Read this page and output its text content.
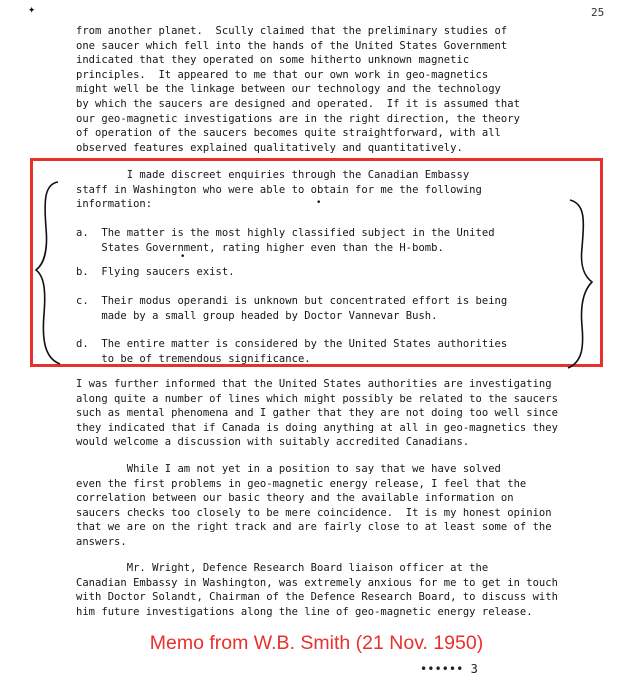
25
✦
•
•
from another planet.  Scully claimed that the preliminary studies of
one saucer which fell into the hands of the United States Government
indicated that they operated on some hitherto unknown magnetic
principles.  It appeared to me that our own work in geo-magnetics
might well be the linkage between our technology and the technology
by which the saucers are designed and operated.  If it is assumed that
our geo-magnetic investigations are in the right direction, the theory
of operation of the saucers becomes quite straightforward, with all
observed features explained qualitatively and quantitatively.
I made discreet enquiries through the Canadian Embassy
staff in Washington who were able to obtain for me the following
information:
a.  The matter is the most highly classified subject in the United
States Government, rating higher even than the H-bomb.
b.  Flying saucers exist.
c.  Their modus operandi is unknown but concentrated effort is being
made by a small group headed by Doctor Vannevar Bush.
d.  The entire matter is considered by the United States authorities
to be of tremendous significance.
I was further informed that the United States authorities are investigating
along quite a number of lines which might possibly be related to the saucers
such as mental phenomena and I gather that they are not doing too well since
they indicated that if Canada is doing anything at all in geo-magnetics they
would welcome a discussion with suitably accredited Canadians.
While I am not yet in a position to say that we have solved
even the first problems in geo-magnetic energy release, I feel that the
correlation between our basic theory and the available information on
saucers checks too closely to be mere coincidence.  It is my honest opinion
that we are on the right track and are fairly close to at least some of the
answers.
Mr. Wright, Defence Research Board liaison officer at the
Canadian Embassy in Washington, was extremely anxious for me to get in touch
with Doctor Solandt, Chairman of the Defence Research Board, to discuss with
him future investigations along the line of geo-magnetic energy release.

Memo from W.B. Smith (21 Nov. 1950)

•••••• 3
